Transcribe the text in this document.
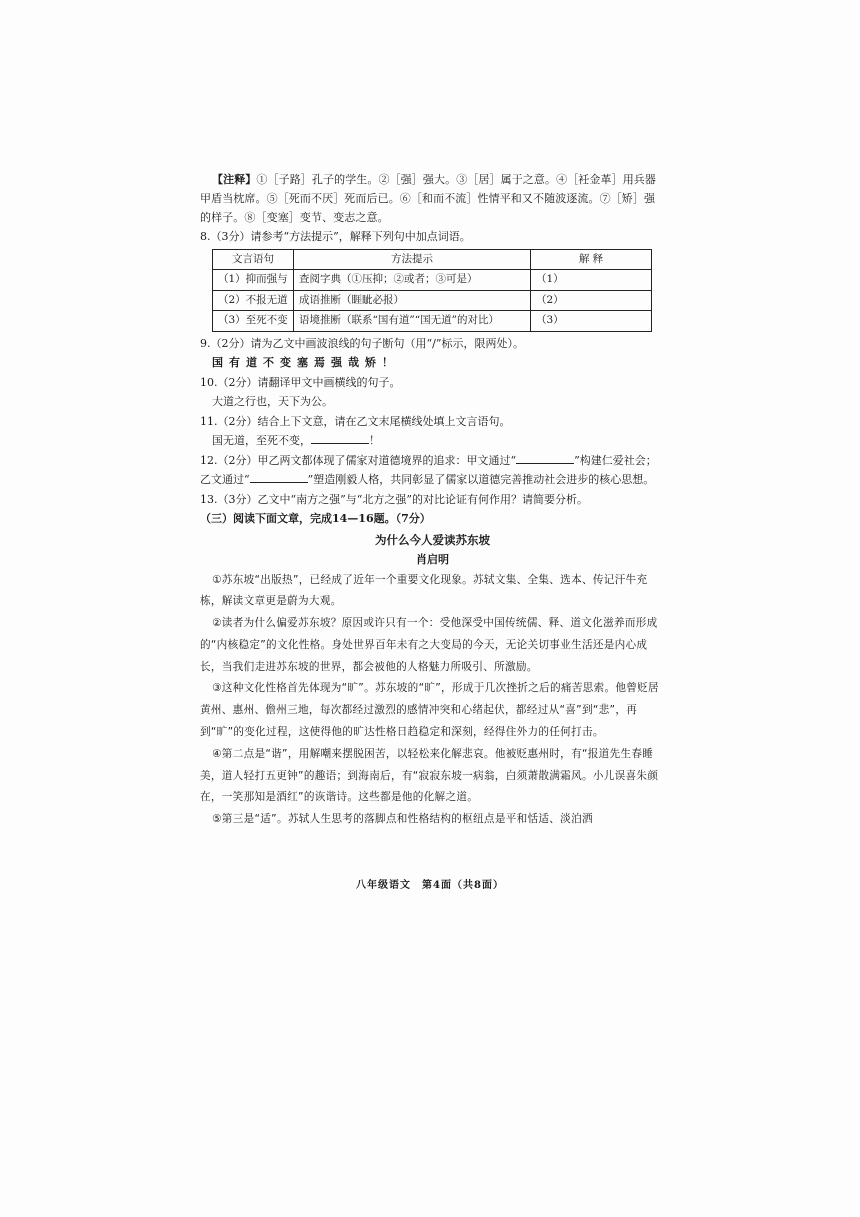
【注释】①［子路］孔子的学生。②［强］强大。③［居］属于之意。④［衽金革］用兵器甲盾当枕席。⑤［死而不厌］死而后已。⑥［和而不流］性情平和又不随波逐流。⑦［矫］强的样子。⑧［变塞］变节、变志之意。

8.（3分）请参考“方法提示”，解释下列句中加点词语。

文言语句	方法提示	解 释
（1）抑而强与	查阅字典（①压抑；②或者；③可是）	（1）
（2）不报无道	成语推断（睚眦必报）	（2）
（3）至死不变	语境推断（联系“国有道”“国无道”的对比）	（3）

9.（2分）请为乙文中画波浪线的句子断句（用“/”标示，限两处）。

国有道不变塞焉强哉矫！

10.（2分）请翻译甲文中画横线的句子。

大道之行也，天下为公。

11.（2分）结合上下文意，请在乙文末尾横线处填上文言语句。

国无道，至死不变，	！

12.（2分）甲乙两文都体现了儒家对道德境界的追求：甲文通过“	”构建仁爱社会；乙文通过“	”塑造刚毅人格，共同彰显了儒家以道德完善推动社会进步的核心思想。

13.（3分）乙文中“南方之强”与“北方之强”的对比论证有何作用？请简要分析。

（三）阅读下面文章，完成14—16题。（7分）

为什么今人爱读苏东坡

肖启明

①苏东坡“出版热”，已经成了近年一个重要文化现象。苏轼文集、全集、选本、传记汗牛充栋，解读文章更是蔚为大观。

②读者为什么偏爱苏东坡？原因或许只有一个：受他深受中国传统儒、释、道文化滋养而形成的“内核稳定”的文化性格。身处世界百年未有之大变局的今天，无论关切事业生活还是内心成长，当我们走进苏东坡的世界，都会被他的人格魅力所吸引、所激励。

③这种文化性格首先体现为“旷”。苏东坡的“旷”，形成于几次挫折之后的痛苦思索。他曾贬居黄州、惠州、儋州三地，每次都经过激烈的感情冲突和心绪起伏，都经过从“喜”到“悲”，再到“旷”的变化过程，这使得他的旷达性格日趋稳定和深刻，经得住外力的任何打击。

④第二点是“谐”，用解嘲来摆脱困苦，以轻松来化解悲哀。他被贬惠州时，有“报道先生春睡美，道人轻打五更钟”的趣语；到海南后，有“寂寂东坡一病翁，白须萧散满霜风。小儿误喜朱颜在，一笑那知是酒红”的诙谐诗。这些都是他的化解之道。

⑤第三是“适”。苏轼人生思考的落脚点和性格结构的枢纽点是平和恬适、淡泊洒

八年级语文　第4面（共8面）
